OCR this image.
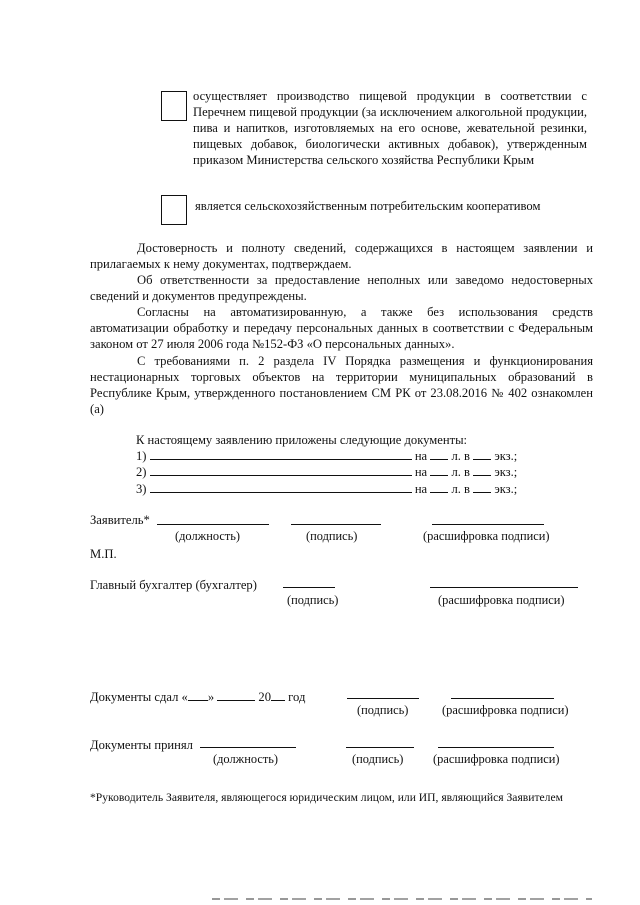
осуществляет производство пищевой продукции в соответствии с Перечнем пищевой продукции (за исключением алкогольной продукции, пива и напитков, изготовляемых на его основе, жевательной резинки, пищевых добавок, биологически активных добавок), утвержденным приказом Министерства сельского хозяйства Республики Крым
является сельскохозяйственным потребительским кооперативом

Достоверность и полноту сведений, содержащихся в настоящем заявлении и прилагаемых к нему документах, подтверждаем.

Об ответственности за предоставление неполных или заведомо недостоверных сведений и документов предупреждены.

Согласны на автоматизированную, а также без использования средств автоматизации обработку и передачу персональных данных в соответствии с Федеральным законом от 27 июля 2006 года №152-ФЗ «О персональных данных».

С требованиями п. 2 раздела IV Порядка размещения и функционирования нестационарных торговых объектов на территории муниципальных образований в Республике Крым, утвержденного постановлением СМ РК от 23.08.2016 № 402 ознакомлен (а)

К настоящему заявлению приложены следующие документы:
1)	на л. в экз.;
2)	на л. в экз.;
3)	на л. в экз.;
Заявитель*
(должность)	(подпись)	(расшифровка подписи)
М.П.
Главный бухгалтер (бухгалтер)
(подпись)	(расшифровка подписи)
Документы сдал « »	20 год
(подпись)	(расшифровка подписи)
Документы принял
(должность)	(подпись) (расшифровка подписи)
*Руководитель Заявителя, являющегося юридическим лицом, или ИП, являющийся Заявителем
